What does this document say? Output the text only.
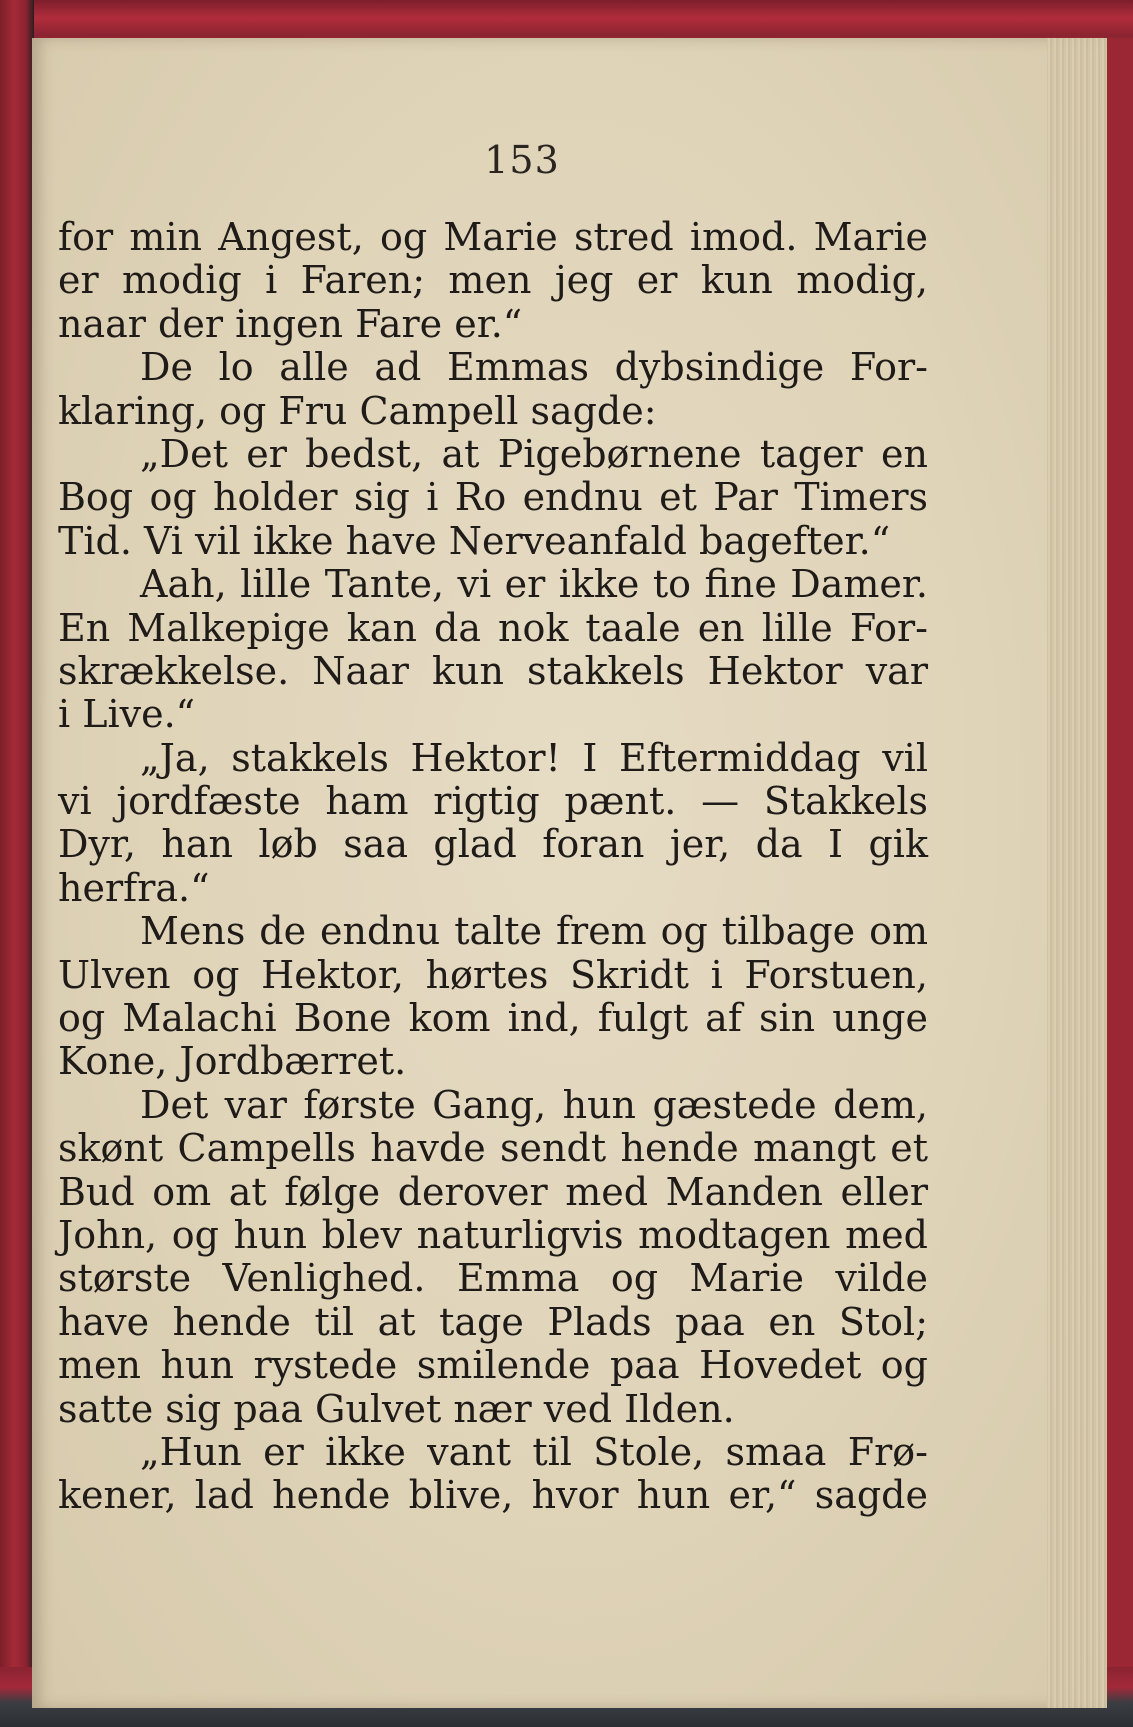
153
for min Angest, og Marie stred imod. Marie
er modig i Faren; men jeg er kun modig,
naar der ingen Fare er.“
De lo alle ad Emmas dybsindige For-
klaring, og Fru Campell sagde:
„Det er bedst, at Pigebørnene tager en
Bog og holder sig i Ro endnu et Par Timers
Tid. Vi vil ikke have Nerveanfald bagefter.“
Aah, lille Tante, vi er ikke to fine Damer.
En Malkepige kan da nok taale en lille For-
skrækkelse. Naar kun stakkels Hektor var
i Live.“
„Ja, stakkels Hektor! I Eftermiddag vil
vi jordfæste ham rigtig pænt. — Stakkels
Dyr, han løb saa glad foran jer, da I gik
herfra.“
Mens de endnu talte frem og tilbage om
Ulven og Hektor, hørtes Skridt i Forstuen,
og Malachi Bone kom ind, fulgt af sin unge
Kone, Jordbærret.
Det var første Gang, hun gæstede dem,
skønt Campells havde sendt hende mangt et
Bud om at følge derover med Manden eller
John, og hun blev naturligvis modtagen med
største Venlighed. Emma og Marie vilde
have hende til at tage Plads paa en Stol;
men hun rystede smilende paa Hovedet og
satte sig paa Gulvet nær ved Ilden.
„Hun er ikke vant til Stole, smaa Frø-
kener, lad hende blive, hvor hun er,“ sagde
